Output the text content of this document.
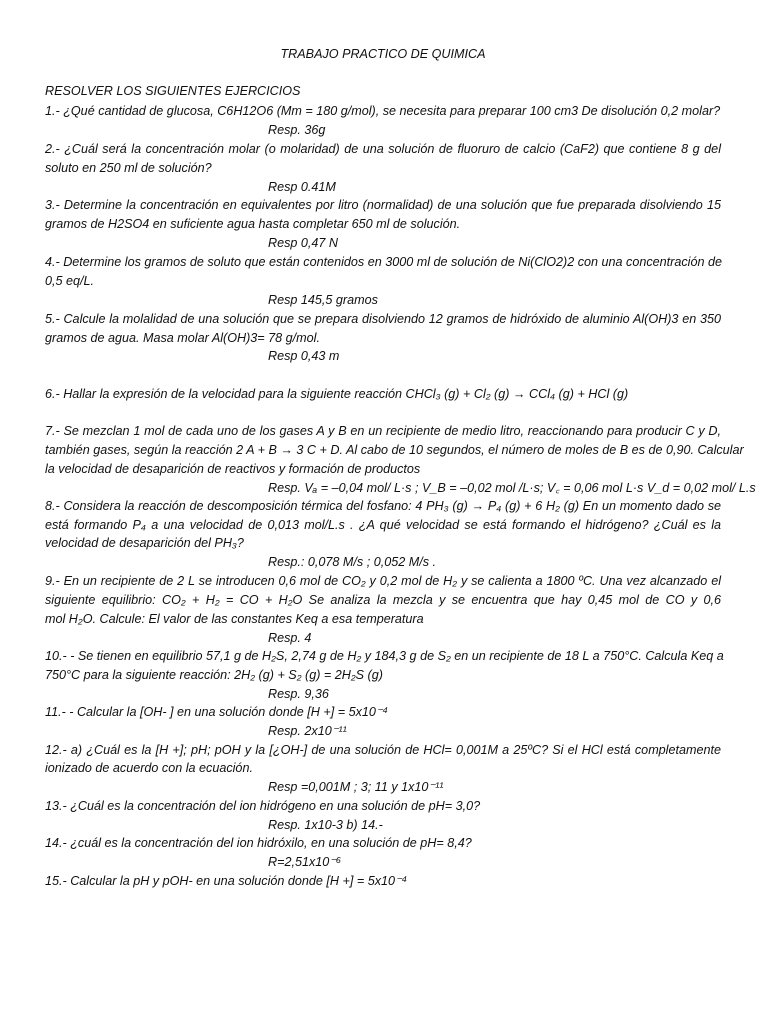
TRABAJO PRACTICO DE QUIMICA
RESOLVER LOS SIGUIENTES EJERCICIOS
1.- ¿Qué cantidad de glucosa, C6H12O6 (Mm = 180 g/mol), se necesita para preparar 100 cm3 De disolución 0,2 molar?
Resp. 36g
2.- ¿Cuál será la concentración molar (o molaridad) de una solución de fluoruro de calcio (CaF2) que contiene 8 g del
soluto en 250 ml de solución?
Resp 0.41M
3.- Determine la concentración en equivalentes por litro (normalidad) de una solución que fue preparada disolviendo 15
gramos de H2SO4 en suficiente agua hasta completar 650 ml de solución.
Resp 0,47 N
4.- Determine los gramos de soluto que están contenidos en 3000 ml de solución de Ni(ClO2)2 con una concentración de
0,5 eq/L.
Resp 145,5 gramos
5.- Calcule la molalidad de una solución que se prepara disolviendo 12 gramos de hidróxido de aluminio Al(OH)3 en 350
gramos de agua. Masa molar Al(OH)3= 78 g/mol.
Resp 0,43 m
6.- Hallar la expresión de la velocidad para la siguiente reacción CHCl₃ (g) + Cl₂ (g) → CCl₄ (g) + HCl (g)
7.- Se mezclan 1 mol de cada uno de los gases A y B en un recipiente de medio litro, reaccionando para producir C y D,
también gases, según la reacción 2 A + B → 3 C + D. Al cabo de 10 segundos, el número de moles de B es de 0,90. Calcular
la velocidad de desaparición de reactivos y formación de productos
Resp. Vₐ = –0,04 mol/ L·s ; V_B = –0,02 mol /L·s; V꜀ = 0,06 mol L·s V_d = 0,02 mol/ L.s
8.- Considera la reacción de descomposición térmica del fosfano: 4 PH₃ (g) → P₄ (g) + 6 H₂ (g) En un momento dado se
está formando P₄ a una velocidad de 0,013 mol/L.s . ¿A qué velocidad se está formando el hidrógeno? ¿Cuál es la
velocidad de desaparición del PH₃?
Resp.: 0,078 M/s ; 0,052 M/s .
9.- En un recipiente de 2 L se introducen 0,6 mol de CO₂ y 0,2 mol de H₂ y se calienta a 1800 ºC. Una vez alcanzado el
siguiente equilibrio: CO₂ + H₂ = CO + H₂O Se analiza la mezcla y se encuentra que hay 0,45 mol de CO y 0,6
mol H₂O. Calcule: El valor de las constantes Keq a esa temperatura
Resp. 4
10.- - Se tienen en equilibrio 57,1 g de H₂S, 2,74 g de H₂ y 184,3 g de S₂ en un recipiente de 18 L a 750°C. Calcula Keq a
750°C para la siguiente reacción: 2H₂ (g) + S₂ (g) = 2H₂S (g)
Resp. 9,36
11.- - Calcular la [OH- ] en una solución donde [H +] = 5x10⁻⁴
Resp. 2x10⁻¹¹
12.- a) ¿Cuál es la [H +]; pH; pOH y la [¿OH-] de una solución de HCl= 0,001M a 25ºC? Si el HCl está completamente
ionizado de acuerdo con la ecuación.
Resp =0,001M ; 3; 11 y 1x10⁻¹¹
13.- ¿Cuál es la concentración del ion hidrógeno en una solución de pH= 3,0?
Resp. 1x10-3 b) 14.-
14.- ¿cuál es la concentración del ion hidróxilo, en una solución de pH= 8,4?
R=2,51x10⁻⁶
15.- Calcular la pH y pOH- en una solución donde [H +] = 5x10⁻⁴
